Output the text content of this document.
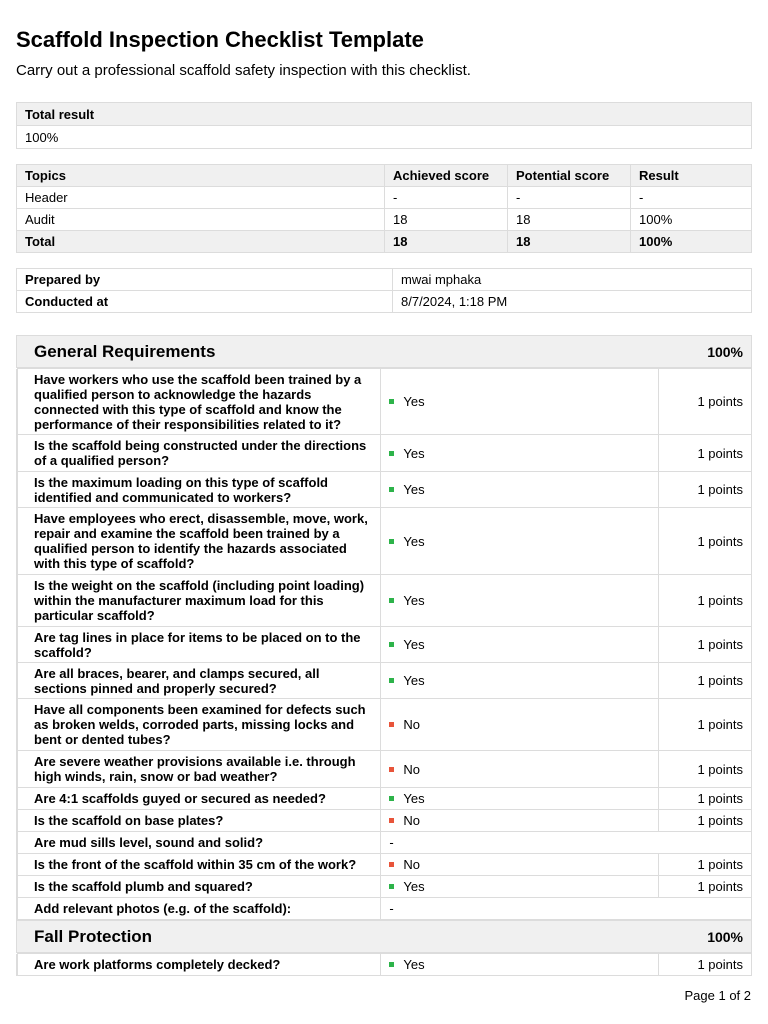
Scaffold Inspection Checklist Template
Carry out a professional scaffold safety inspection with this checklist.
Total result
100%
Topics	Achieved score	Potential score	Result
Header	-	-	-
Audit	18	18	100%
Total	18	18	100%
Prepared by	mwai mphaka
Conducted at	8/7/2024, 1:18 PM
General Requirements	100%
	Have workers who use the scaffold been trained by a qualified person to acknowledge the hazards connected with this type of scaffold and know the performance of their responsibilities related to it?	Yes	1 points
	Is the scaffold being constructed under the directions of a qualified person?	Yes	1 points
	Is the maximum loading on this type of scaffold identified and communicated to workers?	Yes	1 points
	Have employees who erect, disassemble, move, work, repair and examine the scaffold been trained by a qualified person to identify the hazards associated with this type of scaffold?	Yes	1 points
	Is the weight on the scaffold (including point loading) within the manufacturer maximum load for this particular scaffold?	Yes	1 points
	Are tag lines in place for items to be placed on to the scaffold?	Yes	1 points
	Are all braces, bearer, and clamps secured, all sections pinned and properly secured?	Yes	1 points
	Have all components been examined for defects such as broken welds, corroded parts, missing locks and bent or dented tubes?	No	1 points
	Are severe weather provisions available i.e. through high winds, rain, snow or bad weather?	No	1 points
	Are 4:1 scaffolds guyed or secured as needed?	Yes	1 points
	Is the scaffold on base plates?	No	1 points
	Are mud sills level, sound and solid?	-	
	Is the front of the scaffold within 35 cm of the work?	No	1 points
	Is the scaffold plumb and squared?	Yes	1 points
	Add relevant photos (e.g. of the scaffold):	-	
Fall Protection	100%
	Are work platforms completely decked?	Yes	1 points
Page 1 of 2
